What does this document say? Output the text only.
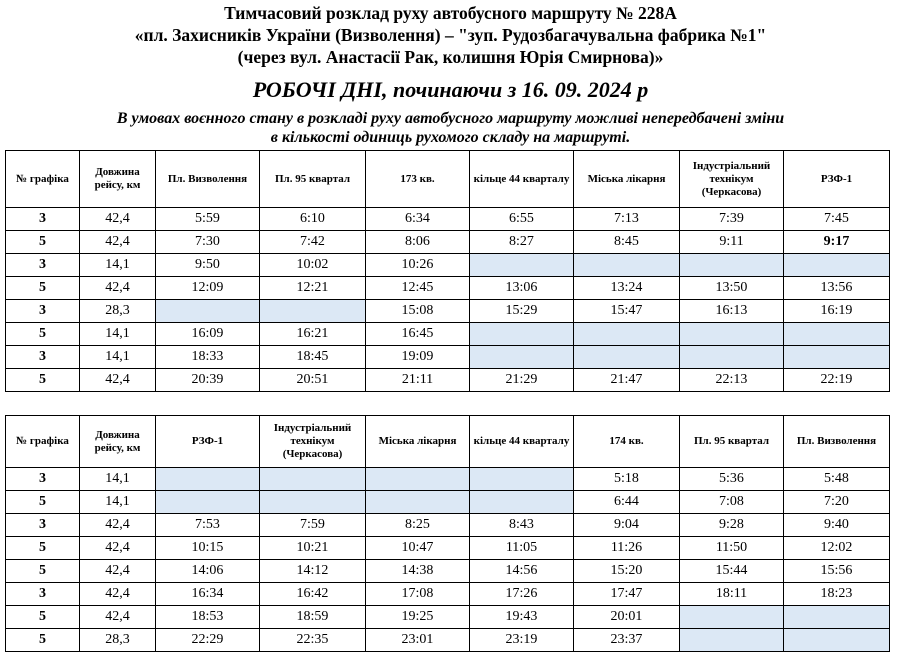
Тимчасовий розклад руху автобусного маршруту № 228А
«пл. Захисників України (Визволення) – "зуп. Рудозбагачувальна фабрика №1"
(через вул. Анастасії Рак, колишня Юрія Смирнова)»
РОБОЧІ ДНІ, починаючи з 16. 09. 2024 р
В умовах воєнного стану в розкладі руху автобусного маршруту можливі непередбачені зміни
в кількості одиниць рухомого складу на маршруті.
№ графіка	Довжина рейсу, км	Пл. Визволення	Пл. 95 квартал	173 кв.	кільце 44 кварталу	Міська лікарня	Індустріальний технікум (Черкасова)	РЗФ-1
3	42,4	5:59	6:10	6:34	6:55	7:13	7:39	7:45
5	42,4	7:30	7:42	8:06	8:27	8:45	9:11	9:17
3	14,1	9:50	10:02	10:26				
5	42,4	12:09	12:21	12:45	13:06	13:24	13:50	13:56
3	28,3			15:08	15:29	15:47	16:13	16:19
5	14,1	16:09	16:21	16:45				
3	14,1	18:33	18:45	19:09				
5	42,4	20:39	20:51	21:11	21:29	21:47	22:13	22:19
№ графіка	Довжина рейсу, км	РЗФ-1	Індустріальний технікум (Черкасова)	Міська лікарня	кільце 44 кварталу	174 кв.	Пл. 95 квартал	Пл. Визволення
3	14,1					5:18	5:36	5:48
5	14,1					6:44	7:08	7:20
3	42,4	7:53	7:59	8:25	8:43	9:04	9:28	9:40
5	42,4	10:15	10:21	10:47	11:05	11:26	11:50	12:02
5	42,4	14:06	14:12	14:38	14:56	15:20	15:44	15:56
3	42,4	16:34	16:42	17:08	17:26	17:47	18:11	18:23
5	42,4	18:53	18:59	19:25	19:43	20:01		
5	28,3	22:29	22:35	23:01	23:19	23:37		
